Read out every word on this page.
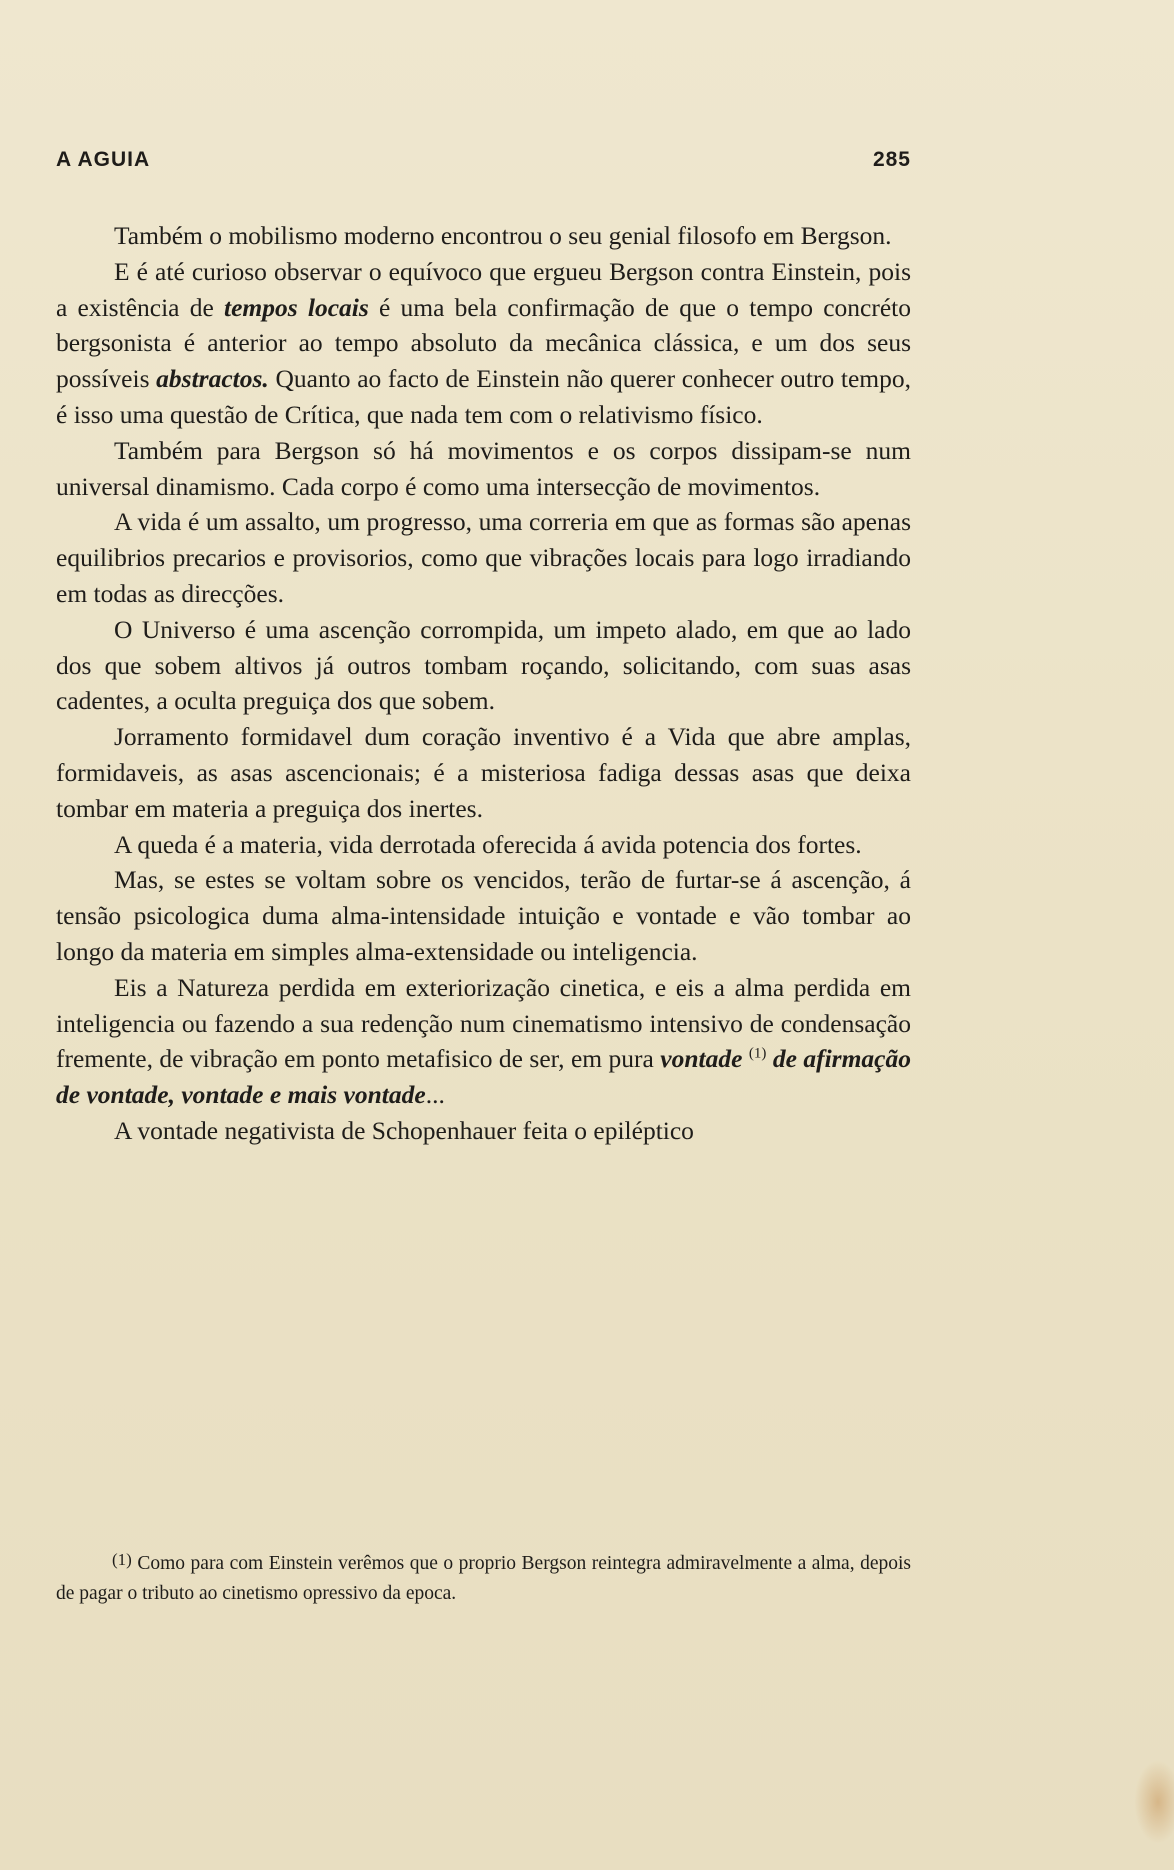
A AGUIA	285

Também o mobilismo moderno encontrou o seu genial filosofo em Bergson.

E é até curioso observar o equívoco que ergueu Bergson contra Einstein, pois a existência de tempos locais é uma bela confirmação de que o tempo concréto bergsonista é anterior ao tempo absoluto da mecânica clássica, e um dos seus possíveis abstractos. Quanto ao facto de Einstein não querer conhecer outro tempo, é isso uma questão de Crítica, que nada tem com o relativismo físico.

Também para Bergson só há movimentos e os corpos dissipam-se num universal dinamismo. Cada corpo é como uma intersecção de movimentos.

A vida é um assalto, um progresso, uma correria em que as formas são apenas equilibrios precarios e provisorios, como que vibrações locais para logo irradiando em todas as direcções.

O Universo é uma ascenção corrompida, um impeto alado, em que ao lado dos que sobem altivos já outros tombam roçando, solicitando, com suas asas cadentes, a oculta preguiça dos que sobem.

Jorramento formidavel dum coração inventivo é a Vida que abre amplas, formidaveis, as asas ascencionais; é a misteriosa fadiga dessas asas que deixa tombar em materia a preguiça dos inertes.

A queda é a materia, vida derrotada oferecida á avida potencia dos fortes.

Mas, se estes se voltam sobre os vencidos, terão de furtar-se á ascenção, á tensão psicologica duma alma-intensidade intuição e vontade e vão tombar ao longo da materia em simples alma-extensidade ou inteligencia.

Eis a Natureza perdida em exteriorização cinetica, e eis a alma perdida em inteligencia ou fazendo a sua redenção num cinematismo intensivo de condensação fremente, de vibração em ponto metafisico de ser, em pura vontade $^{(1)}$ de afirmação de vontade, vontade e mais vontade...

A vontade negativista de Schopenhauer feita o epiléptico

(1) Como para com Einstein verêmos que o proprio Bergson reintegra admiravelmente a alma, depois de pagar o tributo ao cinetismo opressivo da epoca.
